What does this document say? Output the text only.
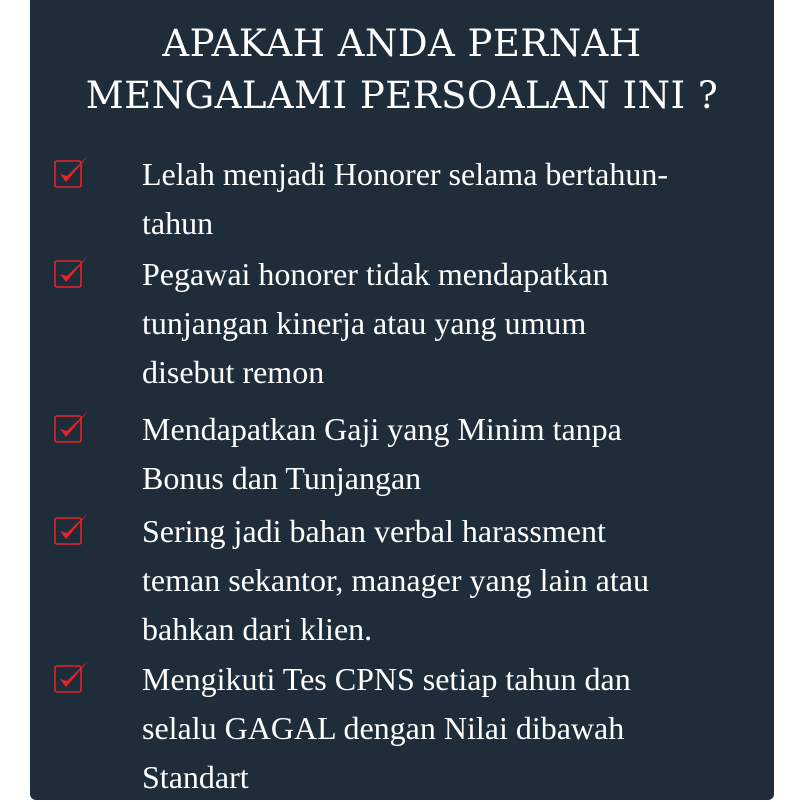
APAKAH ANDA PERNAH
MENGALAMI PERSOALAN INI ?
Lelah menjadi Honorer selama bertahun-
tahun
Pegawai honorer tidak mendapatkan
tunjangan kinerja atau yang umum
disebut remon
Mendapatkan Gaji yang Minim tanpa
Bonus dan Tunjangan
Sering jadi bahan verbal harassment
teman sekantor, manager yang lain atau
bahkan dari klien.
Mengikuti Tes CPNS setiap tahun dan
selalu GAGAL dengan Nilai dibawah
Standart
